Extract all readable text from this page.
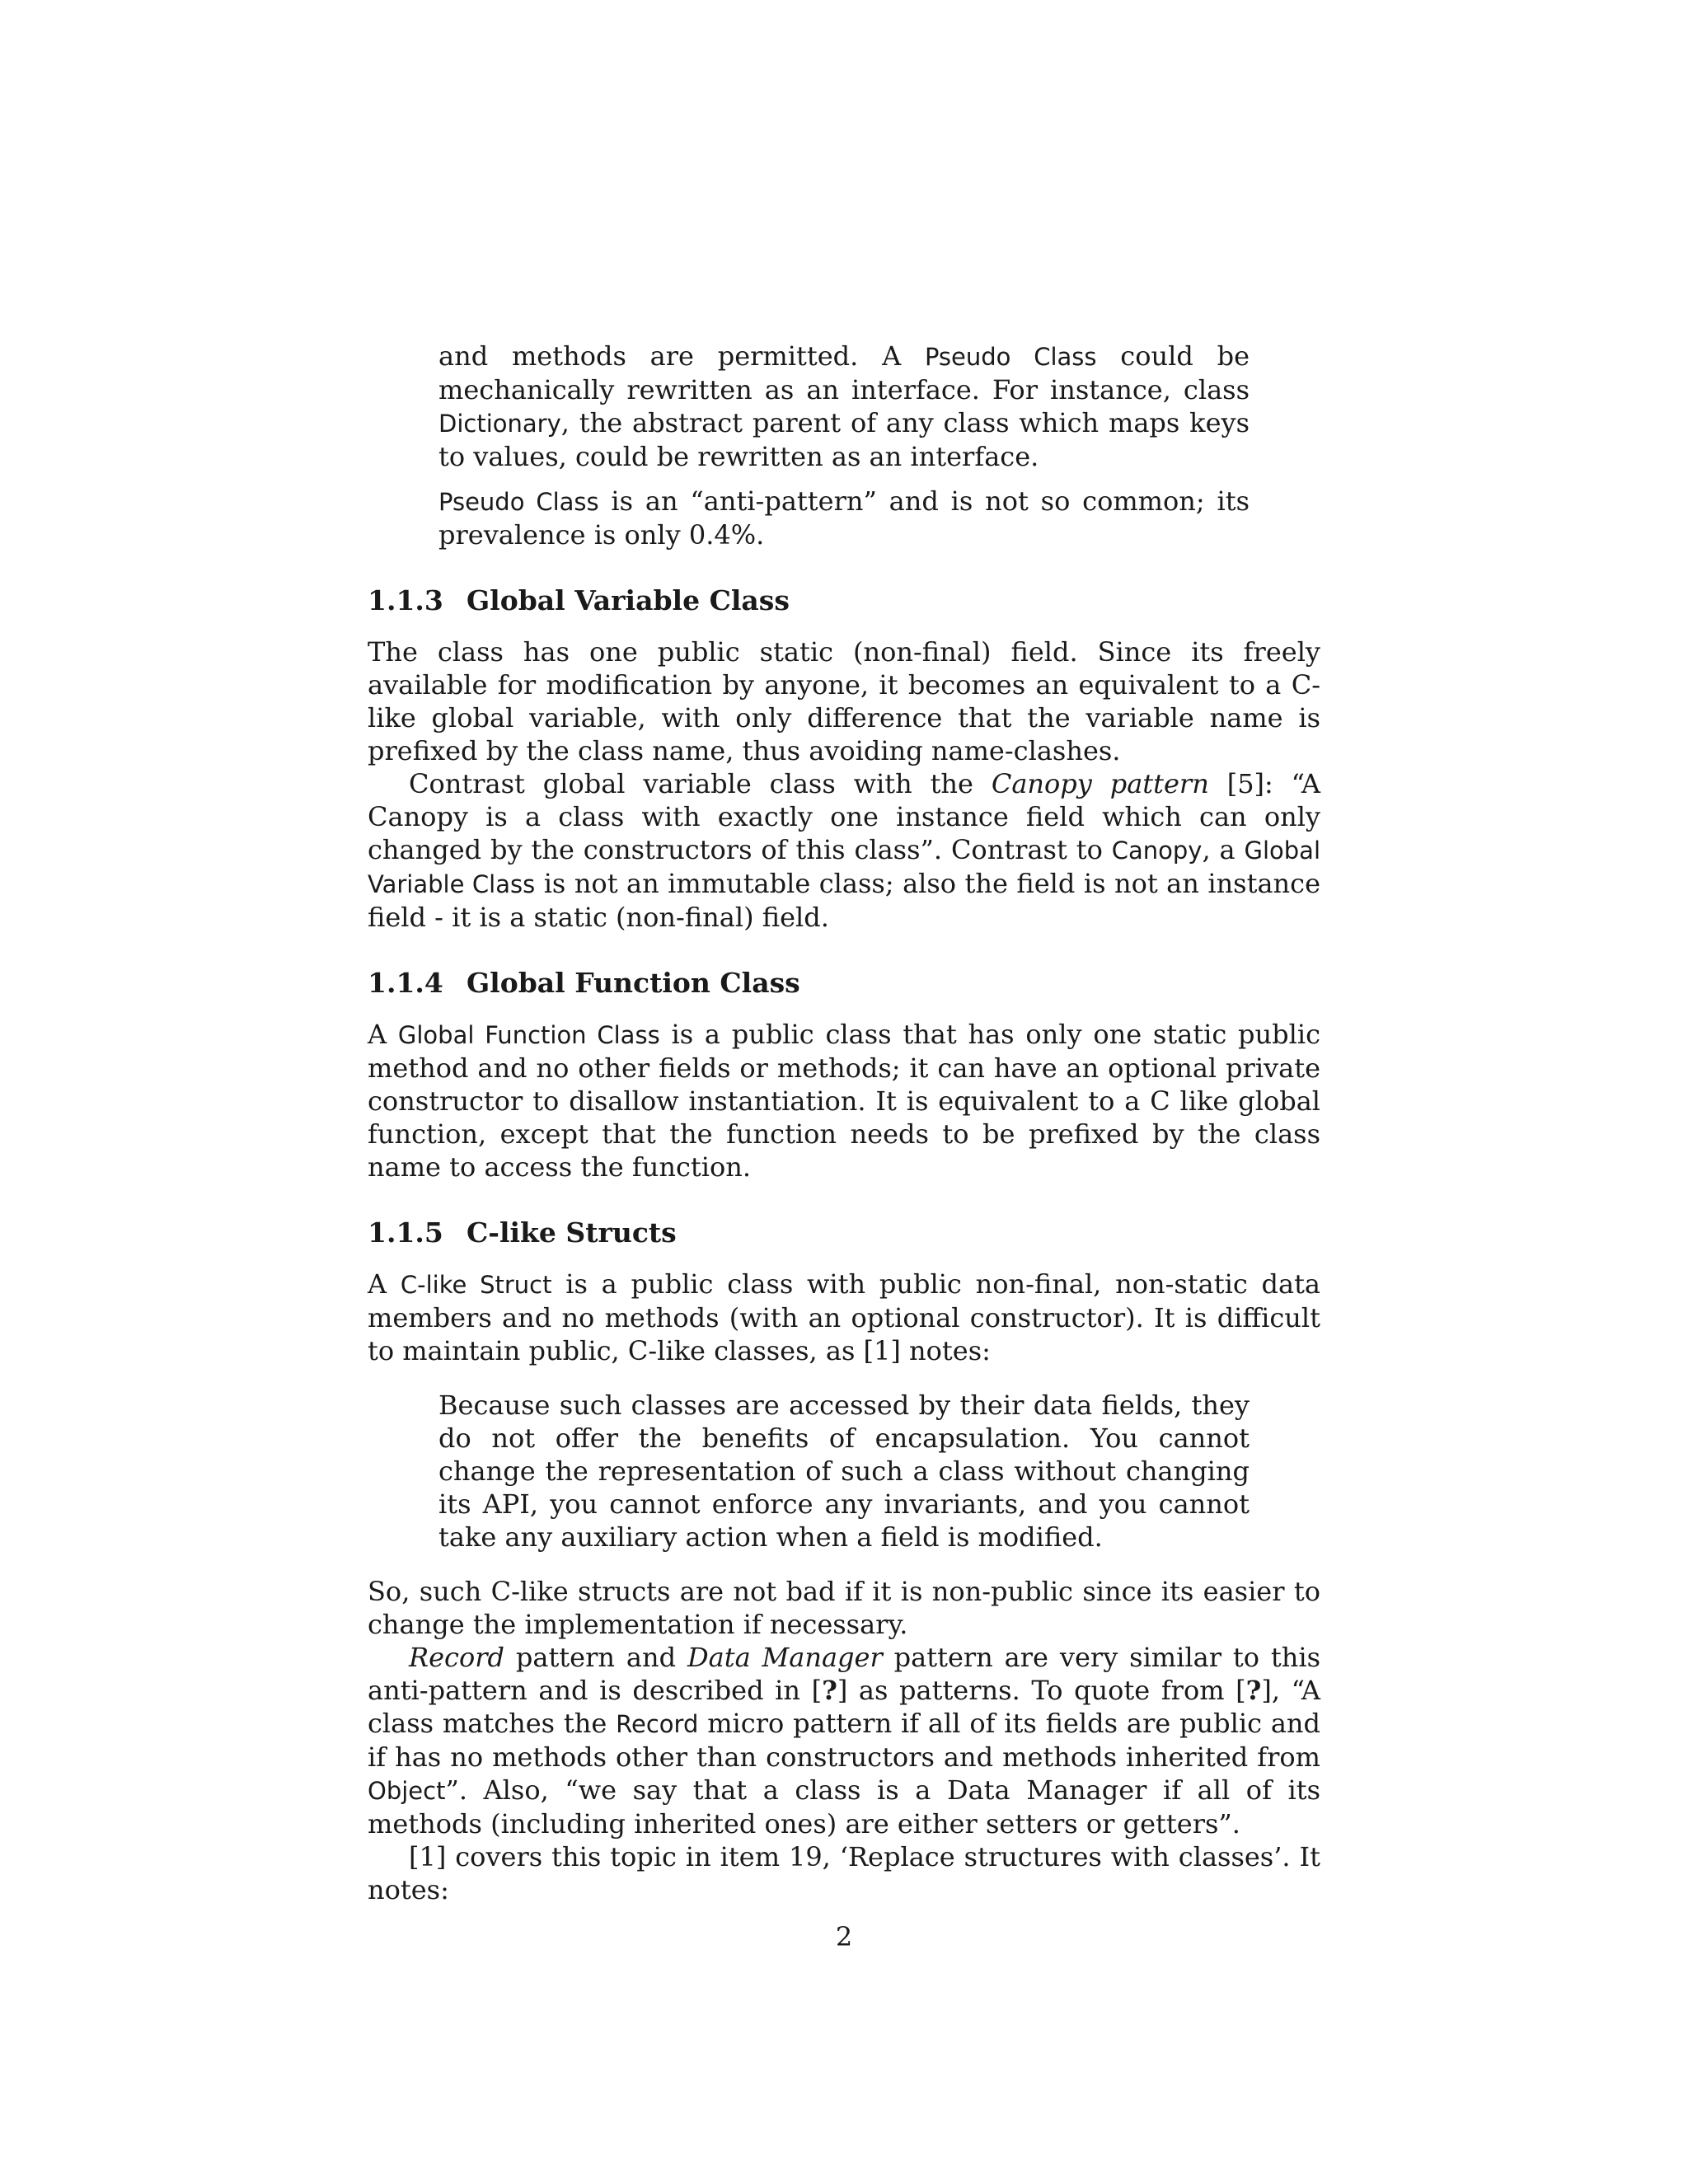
and methods are permitted. A Pseudo Class could be mechanically rewritten as an interface. For instance, class Dictionary, the abstract parent of any class which maps keys to values, could be rewritten as an interface.

Pseudo Class is an “anti-pattern” and is not so common; its prevalence is only 0.4%.

1.1.3 Global Variable Class

The class has one public static (non-final) field. Since its freely available for modification by anyone, it becomes an equivalent to a C-like global variable, with only difference that the variable name is prefixed by the class name, thus avoiding name-clashes.

Contrast global variable class with the Canopy pattern [5]: “A Canopy is a class with exactly one instance field which can only changed by the constructors of this class”. Contrast to Canopy, a Global Variable Class is not an immutable class; also the field is not an instance field - it is a static (non-final) field.

1.1.4 Global Function Class

A Global Function Class is a public class that has only one static public method and no other fields or methods; it can have an optional private constructor to disallow instantiation. It is equivalent to a C like global function, except that the function needs to be prefixed by the class name to access the function.

1.1.5 C-like Structs

A C-like Struct is a public class with public non-final, non-static data members and no methods (with an optional constructor). It is difficult to maintain public, C-like classes, as [1] notes:

Because such classes are accessed by their data fields, they do not offer the benefits of encapsulation. You cannot change the representation of such a class without changing its API, you cannot enforce any invariants, and you cannot take any auxiliary action when a field is modified.

So, such C-like structs are not bad if it is non-public since its easier to change the implementation if necessary.

Record pattern and Data Manager pattern are very similar to this anti-pattern and is described in [?] as patterns. To quote from [?], “A class matches the Record micro pattern if all of its fields are public and if has no methods other than constructors and methods inherited from Object”. Also, “we say that a class is a Data Manager if all of its methods (including inherited ones) are either setters or getters”.

[1] covers this topic in item 19, ‘Replace structures with classes’. It notes:

2
